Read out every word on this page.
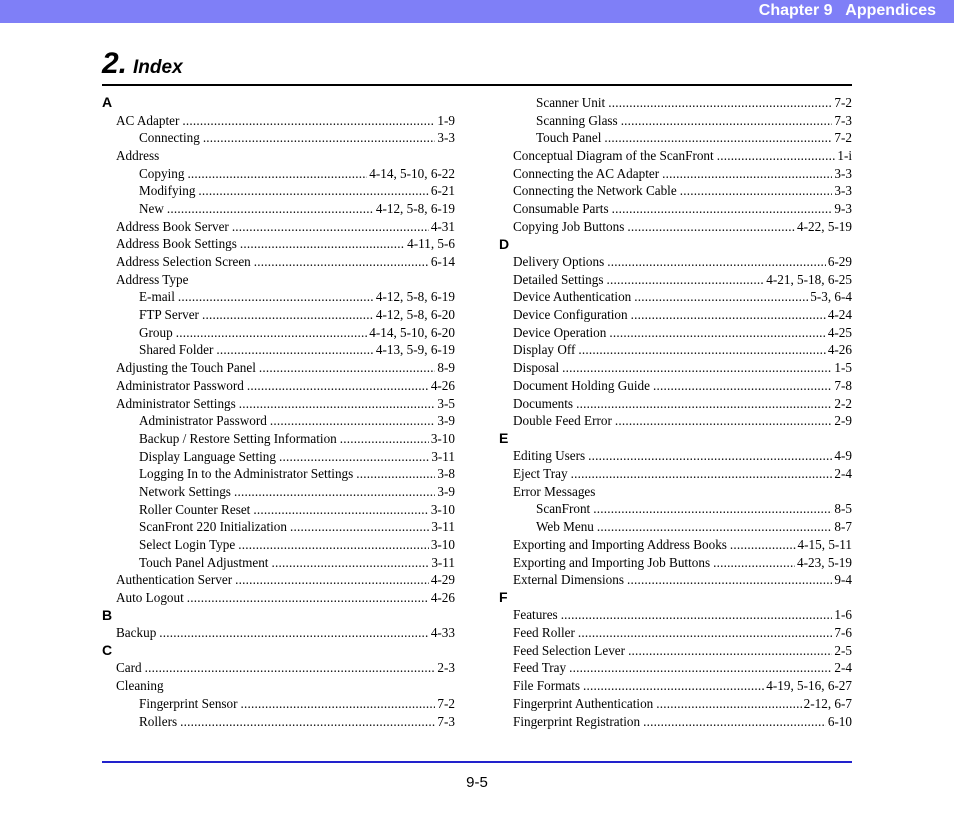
Chapter 9   Appendices
2. Index
A
AC Adapter .....	1-9
Connecting .....	3-3
Address
Copying .....	4-14, 5-10, 6-22
Modifying .....	6-21
New .....	4-12, 5-8, 6-19
Address Book Server .....	4-31
Address Book Settings .....	4-11, 5-6
Address Selection Screen .....	6-14
Address Type
E-mail .....	4-12, 5-8, 6-19
FTP Server .....	4-12, 5-8, 6-20
Group .....	4-14, 5-10, 6-20
Shared Folder .....	4-13, 5-9, 6-19
Adjusting the Touch Panel .....	8-9
Administrator Password .....	4-26
Administrator Settings .....	3-5
Administrator Password .....	3-9
Backup / Restore Setting Information .....	3-10
Display Language Setting .....	3-11
Logging In to the Administrator Settings .....	3-8
Network Settings .....	3-9
Roller Counter Reset .....	3-10
ScanFront 220 Initialization .....	3-11
Select Login Type .....	3-10
Touch Panel Adjustment .....	3-11
Authentication Server .....	4-29
Auto Logout .....	4-26
B
Backup .....	4-33
C
Card .....	2-3
Cleaning
Fingerprint Sensor .....	7-2
Rollers .....	7-3
Scanner Unit .....	7-2
Scanning Glass .....	7-3
Touch Panel .....	7-2
Conceptual Diagram of the ScanFront .....	1-i
Connecting the AC Adapter .....	3-3
Connecting the Network Cable .....	3-3
Consumable Parts .....	9-3
Copying Job Buttons .....	4-22, 5-19
D
Delivery Options .....	6-29
Detailed Settings .....	4-21, 5-18, 6-25
Device Authentication .....	5-3, 6-4
Device Configuration .....	4-24
Device Operation .....	4-25
Display Off .....	4-26
Disposal .....	1-5
Document Holding Guide .....	7-8
Documents .....	2-2
Double Feed Error .....	2-9
E
Editing Users .....	4-9
Eject Tray .....	2-4
Error Messages
ScanFront .....	8-5
Web Menu .....	8-7
Exporting and Importing Address Books .....	4-15, 5-11
Exporting and Importing Job Buttons .....	4-23, 5-19
External Dimensions .....	9-4
F
Features .....	1-6
Feed Roller .....	7-6
Feed Selection Lever .....	2-5
Feed Tray .....	2-4
File Formats .....	4-19, 5-16, 6-27
Fingerprint Authentication .....	2-12, 6-7
Fingerprint Registration .....	6-10
9-5
